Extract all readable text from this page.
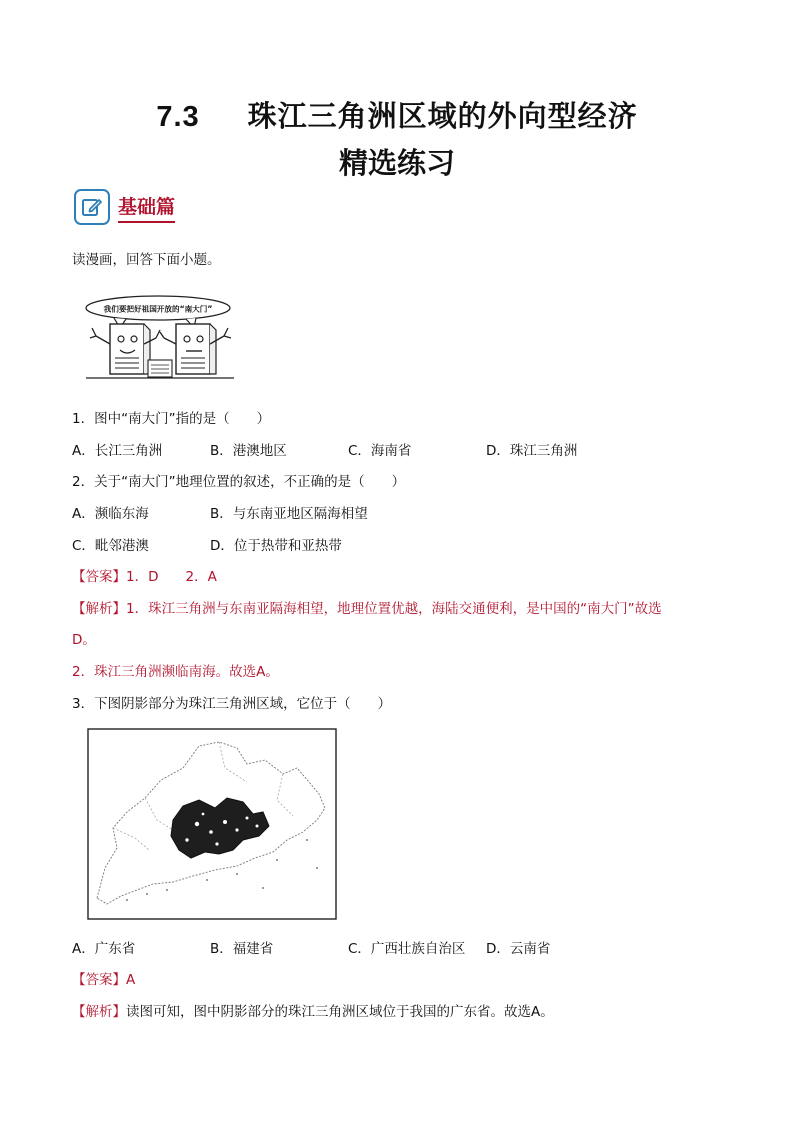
7.3 珠江三角洲区域的外向型经济
精选练习
基础篇
读漫画，回答下面小题。
我们要把好祖国开放的“南大门”
1．图中“南大门”指的是（　　）
A．长江三角洲	B．港澳地区	C．海南省	D．珠江三角洲
2．关于“南大门”地理位置的叙述，不正确的是（　　）
A．濒临东海	B．与东南亚地区隔海相望
C．毗邻港澳	D．位于热带和亚热带
【答案】1．D　　2．A
【解析】1．珠江三角洲与东南亚隔海相望，地理位置优越，海陆交通便利，是中国的“南大门”故选
D。
2．珠江三角洲濒临南海。故选A。
3．下图阴影部分为珠江三角洲区域，它位于（　　）
A．广东省	B．福建省	C．广西壮族自治区 D．云南省
【答案】A
【解析】读图可知，图中阴影部分的珠江三角洲区域位于我国的广东省。故选A。
